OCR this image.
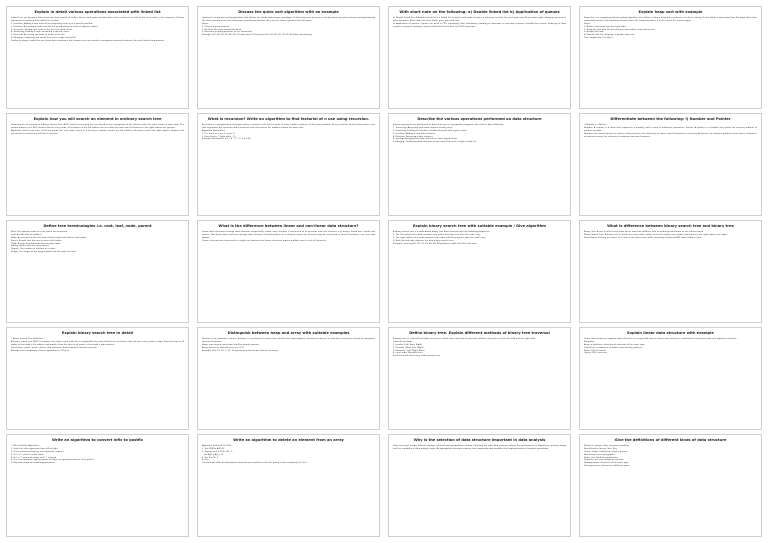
Explain in detail various operations associated with linked list
Linked lists are dynamic data structures that consist of nodes, where each node contains data and a reference or link to the next node in the sequence. Various operations associated with linked lists include:
1. Insertion: Adding a new node at the beginning, end, or at a specific position.
2. Deletion: Removing a node from the list by adjusting the links of adjacent nodes.
3. Traversal: Visiting each node in the list from head to tail.
4. Searching: Finding a node containing a specific value.
5. Reversal: Reversing the order of nodes in the list.
6. Merging: Combining two sorted lists into a single sorted list.
Similar to arrays, linked lists are linear data structures, but elements are not stored in contiguous memory locations; they are linked using pointers.
Discuss the quick sort algorithm with an example
Quicksort is a popular sorting algorithm that follows the divide-and-conquer paradigm. It efficiently sorts an array or list by selecting a pivot element and partitioning the other elements into two sub-arrays according to whether they are less than or greater than the pivot.
Steps:
1. Choose a pivot element.
2. Partition the array around the pivot.
3. Recursively apply quicksort to the sub-arrays.
Example: [10, 80, 30, 90, 40, 50, 70] with pivot 70 becomes [10, 30, 40, 50, 70, 90, 80] after partitioning.
With short note on the following: a) Double linked list b) Application of queues
a) Double linked list: A double linked list is a linked list in which each node contains a reference to both the next node and the previous node, allowing traversal in both directions. Each node has three fields: prev, data and next.
b) Application of queues: Queues are used in CPU scheduling, disk scheduling, handling of interrupts in real-time systems, breadth-first search, buffering of data streams, and print spooling. Queues follow the First In First Out (FIFO) principle.
Explain heap sort with example
Heap Sort is a comparison-based sorting algorithm that utilizes a binary heap data structure to achieve sorting. It first builds a max-heap from the input data, then repeatedly extracts the maximum element from the heap and places it at the end of the sorted region.
Steps:
1. Build a max heap from the input data.
2. Swap the root with the last element and reduce heap size by one.
3. Heapify the root.
4. Repeat until the heap size is greater than one.
Time complexity: O(n log n).
Explain how you will search an element in ordinary search tree
Searching for an element in a Binary Search Tree (BST) involves traversing the tree based on the comparison of the element with the value stored in each node. The unique property of a BST ensures that for every node, all elements in the left subtree are less than the node and all elements in the right subtree are greater.
Algorithm: Start at the root. If the key equals the root value, return it. If the key is smaller, search the left subtree; otherwise search the right subtree. Repeat until the element is found or a null link is reached.
What is recursion? Write an algorithm to find factorial of n use using recursion.
Recursion is a programming technique where a function calls itself in order to solve smaller instances of the same problem. Every recursive function has a base case that terminates the recursion and a recursive case that moves the problem toward the base case.
Algorithm Factorial(n):
1. If n == 0 or n == 1, return 1.
2. Else return n * Factorial(n - 1).
Example: Factorial(5) = 5 * 4 * 3 * 2 * 1 = 120.
Describe the various operations performed on data structure
Various operations are performed on data structures to manipulate, organize, and retrieve data efficiently.
1. Traversing: Accessing each data element exactly once.
2. Searching: Finding the location of a data element with a given value.
3. Insertion: Adding a new data element.
4. Deletion: Removing a data element.
5. Sorting: Arranging the data elements in some logical order.
6. Merging: Combining data elements of two sorted lists into a single sorted list.
Differentiate between the following: i) Number and Pointer
i) Number vs. Pointer:
Number: A number is a value that represents a quantity and is used in arithmetic operations. Pointer: A pointer is a variable that stores the memory address of another variable.
Numbers are stored directly as values, while pointers refer indirectly to values stored elsewhere in memory. Arithmetic on numbers produces new values; arithmetic on pointers moves the reference to adjacent memory locations.
Define tree terminologies i.e. root, leaf, node, parent
Root: The topmost node of a tree which has no parent.
Leaf: A node with no children.
Node: An element of the tree that contains data and links to child nodes.
Parent: A node that has one or more child nodes.
Child: A node that descends from another node.
Sibling: Nodes with the same parent.
Degree: The number of children of a node.
Height: The length of the longest path from the node to a leaf.
What is the difference between linear and non-linear data structure?
Linear data structures arrange data elements sequentially, where each element is connected to its previous and next element, e.g. arrays, linked lists, stacks and queues. Non-linear data structures arrange data elements hierarchically or in a network, where one element may be connected to several elements, e.g. trees and graphs.
Linear structures are traversed in a single run, whereas non-linear structures require multiple runs to visit all elements.
Explain binary search tree with suitable example / Give algorithm
A binary search tree is a node-based binary tree data structure with the following properties:
1. The left subtree of a node contains only nodes with keys less than the node's key.
2. The right subtree of a node contains only nodes with keys greater than the node's key.
3. Both left and right subtrees are also binary search trees.
Example: inserting 50, 30, 70, 20, 40, 60, 80 produces a BST with 50 at the root.
What is difference between binary search tree and binary tree
Binary Tree: A tree in which each node has at most two children, with no ordering constraints on the values stored.
Binary Search Tree: A binary tree in which, for every node, values in the left subtree are smaller and values in the right subtree are larger.
Searching in a binary tree takes O(n) time in the worst case, while searching a balanced BST takes O(log n) time.
Explain binary search tree in detail
* Binary Search Tree Definition *
A binary search tree (BST) is a binary tree where each node has a comparable key and satisfies the restriction that the key in any node is larger than the keys in all nodes in that node's left subtree and smaller than the keys in all nodes in that node's right subtree.
Operations: search, insert, delete, find minimum, find maximum, inorder traversal.
Average time complexity of these operations is O(log n).
Distinguish between heap and array with suitable examples
Memory is an important resource. A heap is a tree-based structure that satisfies the heap property, whereas an array is a collection of elements stored at contiguous memory locations.
Heap: max-heap or min-heap, used for priority queues.
Array: fixed size, indexed access in O(1).
Example: [90, 15, 10, 7, 12, 2] represents a max heap stored in an array.
Define binary tree. Explain different methods of binary tree traversal
A binary tree is a hierarchical data structure in which each node has at most two children, referred to as the left child and the right child.
Traversal methods:
1. Inorder (Left, Root, Right)
2. Preorder (Root, Left, Right)
3. Postorder (Left, Right, Root)
4. Level order (Breadth first)
Each traversal visits every node exactly once.
Explain linear data structure with example
Linear data structures organize data elements in a sequential manner where each element is attached to its previous and next adjacent elements.
Examples:
Array: a fixed-size collection of elements of the same type.
Linked List: a sequence of nodes connected by pointers.
Stack: LIFO structure.
Queue: FIFO structure.
Write an algorithm to convert infix to postfix
* Infix to Postfix Algorithm *
1. Scan the infix expression from left to right.
2. If the scanned character is an operand, output it.
3. If it is '(', push it to the stack.
4. If it is ')', pop and output until '(' is found.
5. If it is an operator, pop operators of higher or equal precedence, then push it.
6. Pop and output all remaining operators.
Write an algorithm to delete an element from an array
Algorithm Delete(A, N, POS):
1. Set ITEM = A[POS].
2. Repeat for J = POS to N - 1:
Set A[J] = A[J + 1].
3. Set N = N - 1.
4. Exit.
The deletion shifts all subsequent elements one position to the left, giving a time complexity of O(n).
Why is the selection of data structure important in data analysis
Data structures enable efficient storage, retrieval and manipulation of data. Choosing the right data structure affects the performance of algorithms, memory usage and the scalability of data analysis tasks. An appropriate structure reduces time complexity and simplifies the implementation of analysis operations.
Give the definitions of different kinds of data structure
Primitive: integer, float, character, boolean.
Non-Primitive: arrays, lists, files.
Linear: arrays, linked lists, stacks, queues.
Non-Linear: trees and graphs.
Static: size fixed at compile time.
Dynamic: size can change at run time.
Homogeneous: elements of the same type.
Heterogeneous: elements of different types.
